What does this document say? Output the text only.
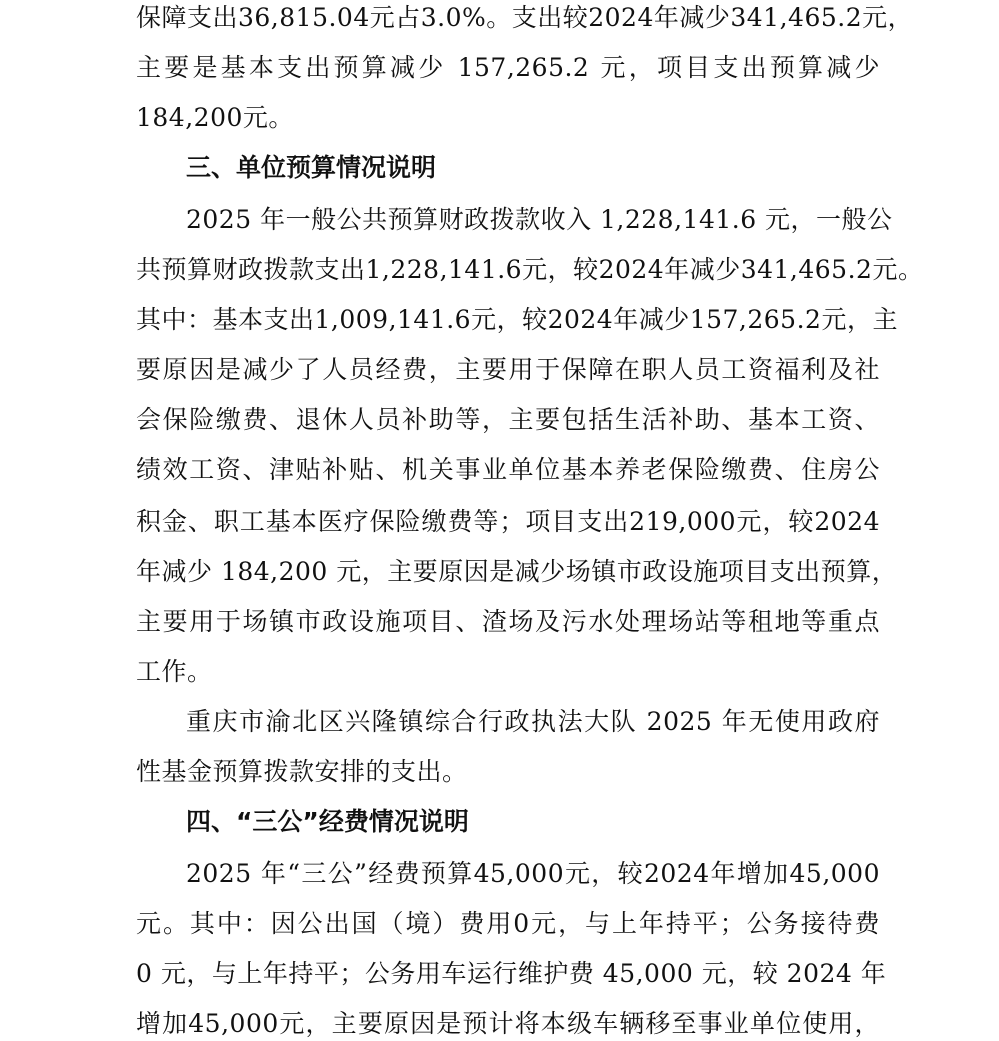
保障支出36,815.04元占3.0%。支出较2024年减少341,465.2元，
主要是基本支出预算减少 157,265.2 元，项目支出预算减少
184,200元。
三、单位预算情况说明
2025 年一般公共预算财政拨款收入 1,228,141.6 元，一般公
共预算财政拨款支出1,228,141.6元，较2024年减少341,465.2元。
其中：基本支出1,009,141.6元，较2024年减少157,265.2元，主
要原因是减少了人员经费，主要用于保障在职人员工资福利及社
会保险缴费、退休人员补助等，主要包括生活补助、基本工资、
绩效工资、津贴补贴、机关事业单位基本养老保险缴费、住房公
积金、职工基本医疗保险缴费等；项目支出219,000元，较2024
年减少 184,200 元，主要原因是减少场镇市政设施项目支出预算，
主要用于场镇市政设施项目、渣场及污水处理场站等租地等重点
工作。
重庆市渝北区兴隆镇综合行政执法大队 2025 年无使用政府
性基金预算拨款安排的支出。
四、“三公”经费情况说明
2025 年“三公”经费预算45,000元，较2024年增加45,000
元。其中：因公出国（境）费用0元，与上年持平；公务接待费
0 元，与上年持平；公务用车运行维护费 45,000 元，较 2024 年
增加45,000元，主要原因是预计将本级车辆移至事业单位使用，
